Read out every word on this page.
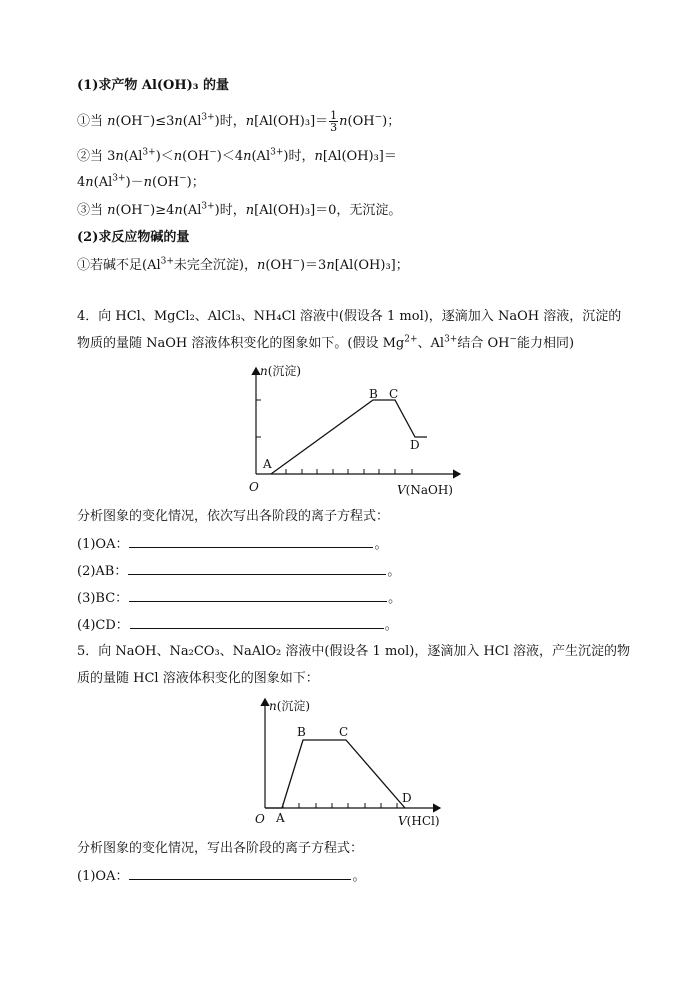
(1)求产物 Al(OH)₃ 的量
①当 $n(OH^-)\le 3n(Al^{3+})$时，$n[Al(OH)_3]= \frac{1}{3} n(OH^-)$；
②当 $3n(Al^{3+})<n(OH^-)<4n(Al^{3+})$时，n[Al(OH)₃]＝
$4n(Al^{3+})-n(OH^-)$；
③当 $n(OH^-)\ge 4n(Al^{3+})$时，n[Al(OH)₃]＝0，无沉淀。
(2)求反应物碱的量
①若碱不足($Al^{3+}$未完全沉淀)，n(OH−)＝3n[Al(OH)₃]；
4．向 HCl、MgCl₂、AlCl₃、NH₄Cl 溶液中(假设各 1 mol)，逐滴加入 NaOH 溶液，沉淀的
物质的量随 NaOH 溶液体积变化的图象如下。(假设 $Mg^{2+}$、$Al^{3+}$结合 OH−能力相同)
n(沉淀)
V(NaOH)
O
A
B C
D
分析图象的变化情况，依次写出各阶段的离子方程式：
(1)OA：	。
(2)AB：	。
(3)BC：	。
(4)CD：	。
5．向 NaOH、Na₂CO₃、NaAlO₂ 溶液中(假设各 1 mol)，逐滴加入 HCl 溶液，产生沉淀的物
质的量随 HCl 溶液体积变化的图象如下：
n(沉淀)
V(HCl)
O A
B	C
D
分析图象的变化情况，写出各阶段的离子方程式：
(1)OA：	。
